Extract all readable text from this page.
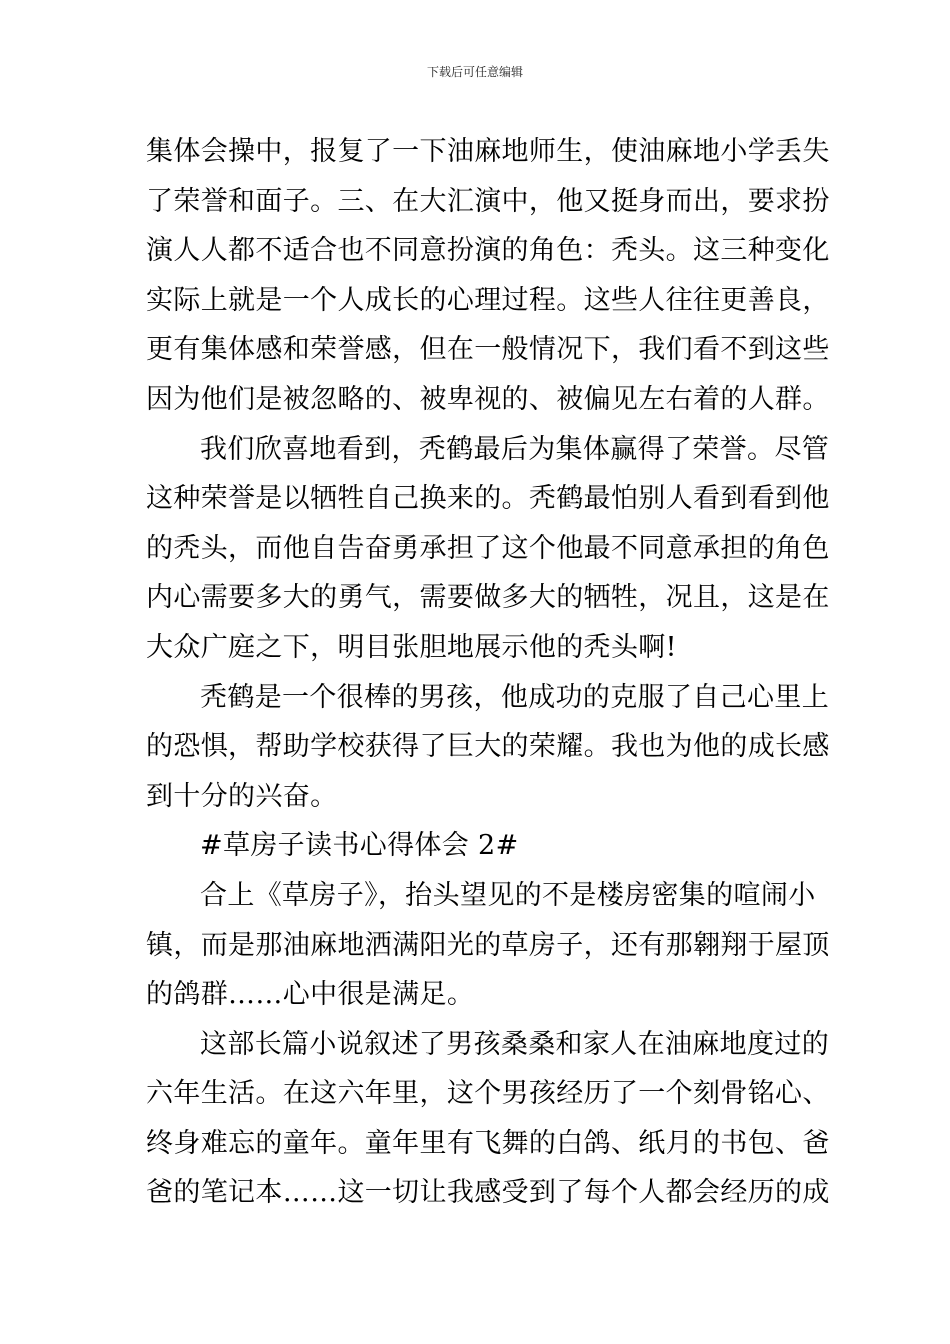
下载后可任意编辑
集体会操中，报复了一下油麻地师生，使油麻地小学丢失
了荣誉和面子。三、在大汇演中，他又挺身而出，要求扮
演人人都不适合也不同意扮演的角色：秃头。这三种变化
实际上就是一个人成长的心理过程。这些人往往更善良，
更有集体感和荣誉感，但在一般情况下，我们看不到这些
因为他们是被忽略的、被卑视的、被偏见左右着的人群。
我们欣喜地看到，秃鹤最后为集体赢得了荣誉。尽管
这种荣誉是以牺牲自己换来的。秃鹤最怕别人看到看到他
的秃头，而他自告奋勇承担了这个他最不同意承担的角色
内心需要多大的勇气，需要做多大的牺牲，况且，这是在
大众广庭之下，明目张胆地展示他的秃头啊!
秃鹤是一个很棒的男孩，他成功的克服了自己心里上
的恐惧，帮助学校获得了巨大的荣耀。我也为他的成长感
到十分的兴奋。
#草房子读书心得体会 2#
合上《草房子》，抬头望见的不是楼房密集的喧闹小
镇，而是那油麻地洒满阳光的草房子，还有那翱翔于屋顶
的鸽群……心中很是满足。
这部长篇小说叙述了男孩桑桑和家人在油麻地度过的
六年生活。在这六年里，这个男孩经历了一个刻骨铭心、
终身难忘的童年。童年里有飞舞的白鸽、纸月的书包、爸
爸的笔记本……这一切让我感受到了每个人都会经历的成
